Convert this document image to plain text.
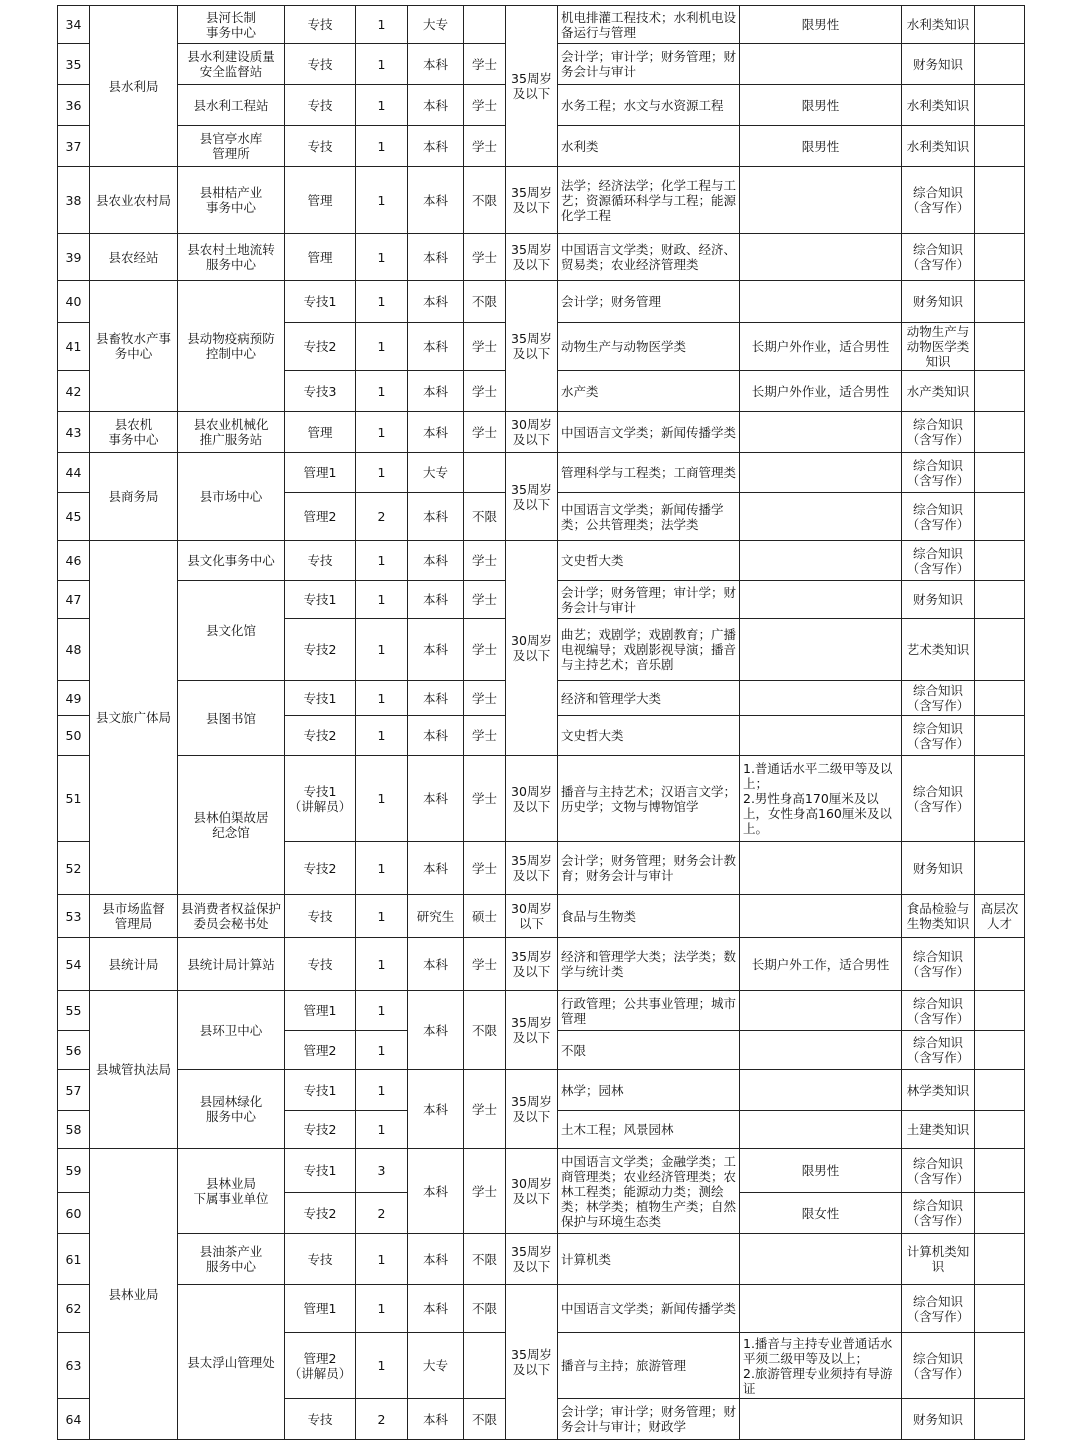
34	县水利局	县河长制
事务中心	专技	1	大专		35周岁
及以下	机电排灌工程技术；水利机电设备运行与管理	限男性	水利类知识	
35		县水利建设质量
安全监督站	专技	1	本科	学士		会计学；审计学；财务管理；财务会计与审计		财务知识	
36		县水利工程站	专技	1	本科	学士		水务工程；水文与水资源工程	限男性	水利类知识	
37		县官亭水库
管理所	专技	1	本科	学士		水利类	限男性	水利类知识	
38	县农业农村局	县柑桔产业
事务中心	管理	1	本科	不限	35周岁
及以下	法学；经济法学；化学工程与工艺；资源循环科学与工程；能源化学工程		综合知识
（含写作）	
39	县农经站	县农村土地流转
服务中心	管理	1	本科	学士	35周岁
及以下	中国语言文学类；财政、经济、贸易类；农业经济管理类		综合知识
（含写作）	
40	县畜牧水产事
务中心	县动物疫病预防
控制中心	专技1	1	本科	不限	35周岁
及以下	会计学；财务管理		财务知识	
41			专技2	1	本科	学士		动物生产与动物医学类	长期户外作业，适合男性	动物生产与
动物医学类
知识	
42			专技3	1	本科	学士		水产类	长期户外作业，适合男性	水产类知识	
43	县农机
事务中心	县农业机械化
推广服务站	管理	1	本科	学士	30周岁
及以下	中国语言文学类；新闻传播学类		综合知识
（含写作）	
44	县商务局	县市场中心	管理1	1	大专		35周岁
及以下	管理科学与工程类；工商管理类		综合知识
（含写作）	
45			管理2	2	本科	不限		中国语言文学类；新闻传播学类；公共管理类；法学类		综合知识
（含写作）	
46	县文旅广体局	县文化事务中心	专技	1	本科	学士	30周岁
及以下	文史哲大类		综合知识
（含写作）	
47		县文化馆	专技1	1	本科	学士		会计学；财务管理；审计学；财务会计与审计		财务知识	
48			专技2	1	本科	学士		曲艺；戏剧学；戏剧教育；广播电视编导；戏剧影视导演；播音与主持艺术；音乐剧		艺术类知识	
49		县图书馆	专技1	1	本科	学士		经济和管理学大类		综合知识
（含写作）	
50			专技2	1	本科	学士		文史哲大类		综合知识
（含写作）	
51		县林伯渠故居
纪念馆	专技1
（讲解员）	1	本科	学士	30周岁
及以下	播音与主持艺术；汉语言文学；历史学；文物与博物馆学	1.普通话水平二级甲等及以上；
2.男性身高170厘米及以上，女性身高160厘米及以上。	综合知识
（含写作）	
52			专技2	1	本科	学士	35周岁
及以下	会计学；财务管理；财务会计教育；财务会计与审计		财务知识	
53	县市场监督
管理局	县消费者权益保护
委员会秘书处	专技	1	研究生	硕士	30周岁
以下	食品与生物类		食品检验与
生物类知识	高层次
人才
54	县统计局	县统计局计算站	专技	1	本科	学士	35周岁
及以下	经济和管理学大类；法学类；数学与统计类	长期户外工作，适合男性	综合知识
（含写作）	
55	县城管执法局	县环卫中心	管理1	1	本科	不限	35周岁
及以下	行政管理；公共事业管理；城市管理		综合知识
（含写作）	
56			管理2	1				不限		综合知识
（含写作）	
57		县园林绿化
服务中心	专技1	1	本科	学士	35周岁
及以下	林学；园林		林学类知识	
58			专技2	1				土木工程；风景园林		土建类知识	
59	县林业局	县林业局
下属事业单位	专技1	3	本科	学士	30周岁
及以下	中国语言文学类；金融学类；工商管理类；农业经济管理类；农林工程类；能源动力类；测绘类；林学类；植物生产类；自然保护与环境生态类	限男性	综合知识
（含写作）	
60			专技2	2					限女性	综合知识
（含写作）	
61		县油茶产业
服务中心	专技	1	本科	不限	35周岁
及以下	计算机类		计算机类知
识	
62		县太浮山管理处	管理1	1	本科	不限	35周岁
及以下	中国语言文学类；新闻传播学类		综合知识
（含写作）	
63			管理2
（讲解员）	1	大专			播音与主持；旅游管理	1.播音与主持专业普通话水平须二级甲等及以上；
2.旅游管理专业须持有导游证	综合知识
（含写作）	
64			专技	2	本科	不限		会计学；审计学；财务管理；财务会计与审计；财政学		财务知识	
